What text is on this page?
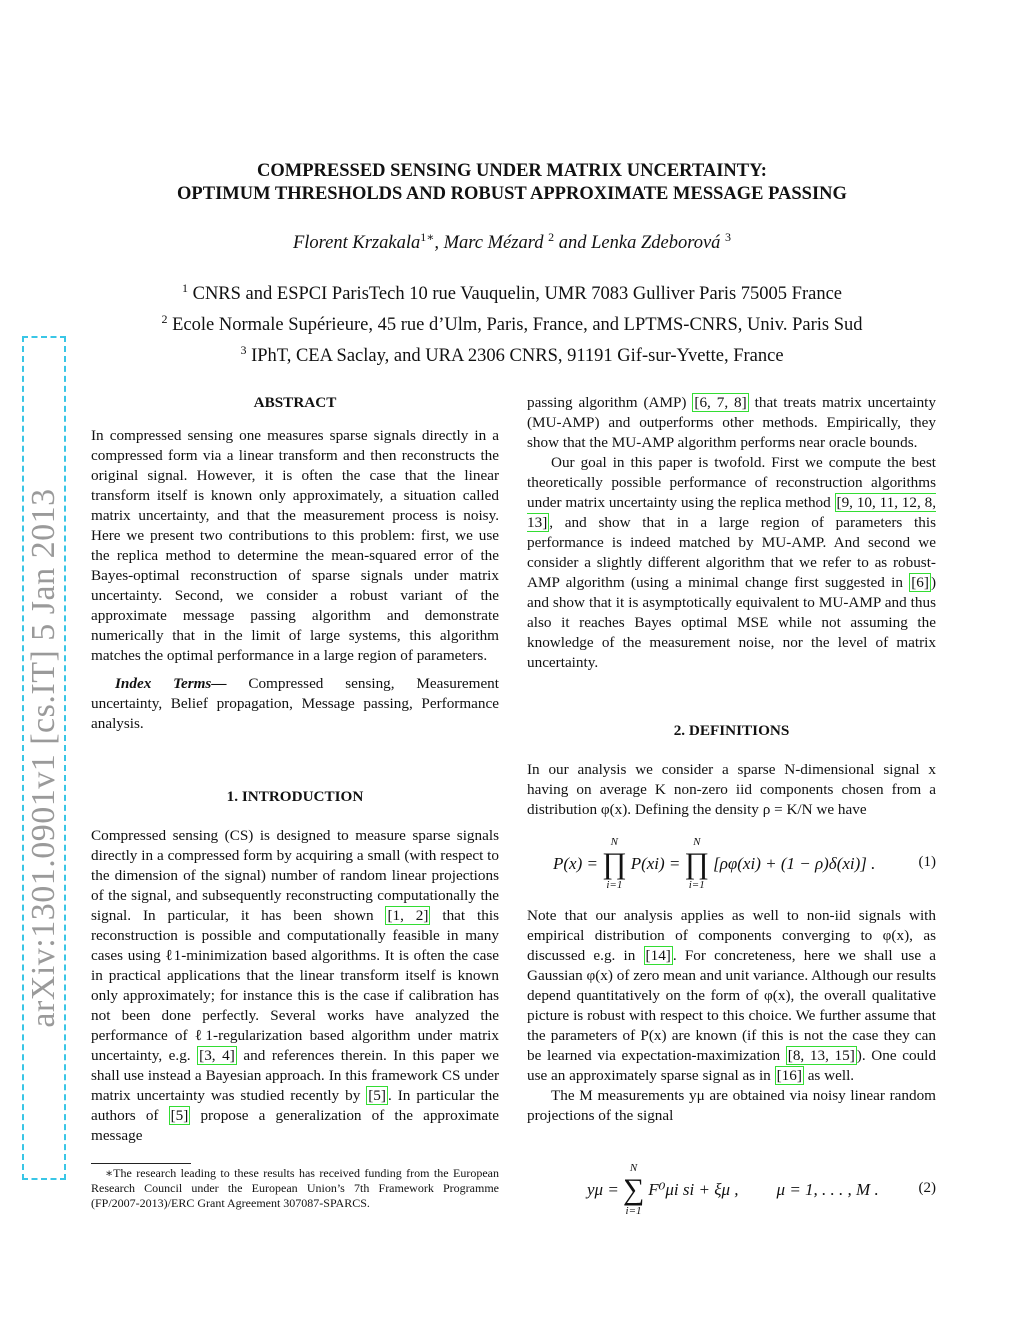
arXiv:1301.0901v1 [cs.IT] 5 Jan 2013
COMPRESSED SENSING UNDER MATRIX UNCERTAINTY:
OPTIMUM THRESHOLDS AND ROBUST APPROXIMATE MESSAGE PASSING
Florent Krzakala$^{1∗}$, Marc Mézard $^2$ and Lenka Zdeborová $^3$
$^1$ CNRS and ESPCI ParisTech 10 rue Vauquelin, UMR 7083 Gulliver Paris 75005 France
$^2$ Ecole Normale Supérieure, 45 rue d’Ulm, Paris, France, and LPTMS-CNRS, Univ. Paris Sud
$^3$ IPhT, CEA Saclay, and URA 2306 CNRS, 91191 Gif-sur-Yvette, France
ABSTRACT

In compressed sensing one measures sparse signals directly in a compressed form via a linear transform and then reconstructs the original signal. However, it is often the case that the linear transform itself is known only approximately, a situation called matrix uncertainty, and that the measurement process is noisy. Here we present two contributions to this problem: first, we use the replica method to determine the mean-squared error of the Bayes-optimal reconstruction of sparse signals under matrix uncertainty. Second, we consider a robust variant of the approximate message passing algorithm and demonstrate numerically that in the limit of large systems, this algorithm matches the optimal performance in a large region of parameters.

Index Terms— Compressed sensing, Measurement uncertainty, Belief propagation, Message passing, Performance analysis.

1. INTRODUCTION

Compressed sensing (CS) is designed to measure sparse signals directly in a compressed form by acquiring a small (with respect to the dimension of the signal) number of random linear projections of the signal, and subsequently reconstructing computationally the signal. In particular, it has been shown [1, 2] that this reconstruction is possible and computationally feasible in many cases using ℓ1-minimization based algorithms. It is often the case in practical applications that the linear transform itself is known only approximately; for instance this is the case if calibration has not been done perfectly. Several works have analyzed the performance of ℓ1-regularization based algorithm under matrix uncertainty, e.g. [3, 4] and references therein. In this paper we shall use instead a Bayesian approach. In this framework CS under matrix uncertainty was studied recently by [5] . In particular the authors of [5] propose a generalization of the approximate message

∗The research leading to these results has received funding from the European Research Council under the European Union’s 7th Framework Programme (FP/2007-2013)/ERC Grant Agreement 307087-SPARCS.

passing algorithm (AMP) [6, 7, 8] that treats matrix uncertainty (MU-AMP) and outperforms other methods. Empirically, they show that the MU-AMP algorithm performs near oracle bounds.

Our goal in this paper is twofold. First we compute the best theoretically possible performance of reconstruction algorithms under matrix uncertainty using the replica method [9, 10, 11, 12, 8, 13] , and show that in a large region of parameters this performance is indeed matched by MU-AMP. And second we consider a slightly different algorithm that we refer to as robust-AMP algorithm (using a minimal change first suggested in [6] ) and show that it is asymptotically equivalent to MU-AMP and thus also it reaches Bayes optimal MSE while not assuming the knowledge of the measurement noise, nor the level of matrix uncertainty.

2. DEFINITIONS

In our analysis we consider a sparse N-dimensional signal x having on average K non-zero iid components chosen from a distribution φ(x). Defining the density ρ = K/N we have

P(x) =
N
∏
i=1
P(xi) =
N
∏
i=1
[ρφ(xi) + (1 − ρ)δ(xi)] .	(1)

Note that our analysis applies as well to non-iid signals with empirical distribution of components converging to φ(x), as discussed e.g. in [14] . For concreteness, here we shall use a Gaussian φ(x) of zero mean and unit variance. Although our results depend quantitatively on the form of φ(x), the overall qualitative picture is robust with respect to this choice. We further assume that the parameters of P(x) are known (if this is not the case they can be learned via expectation-maximization [8, 13, 15] ). One could use an approximately sparse signal as in [16] as well.

The M measurements yμ are obtained via noisy linear random projections of the signal

yμ =
N
∑
i=1
F⁰μi si + ξμ , μ = 1, . . . , M .	(2)
